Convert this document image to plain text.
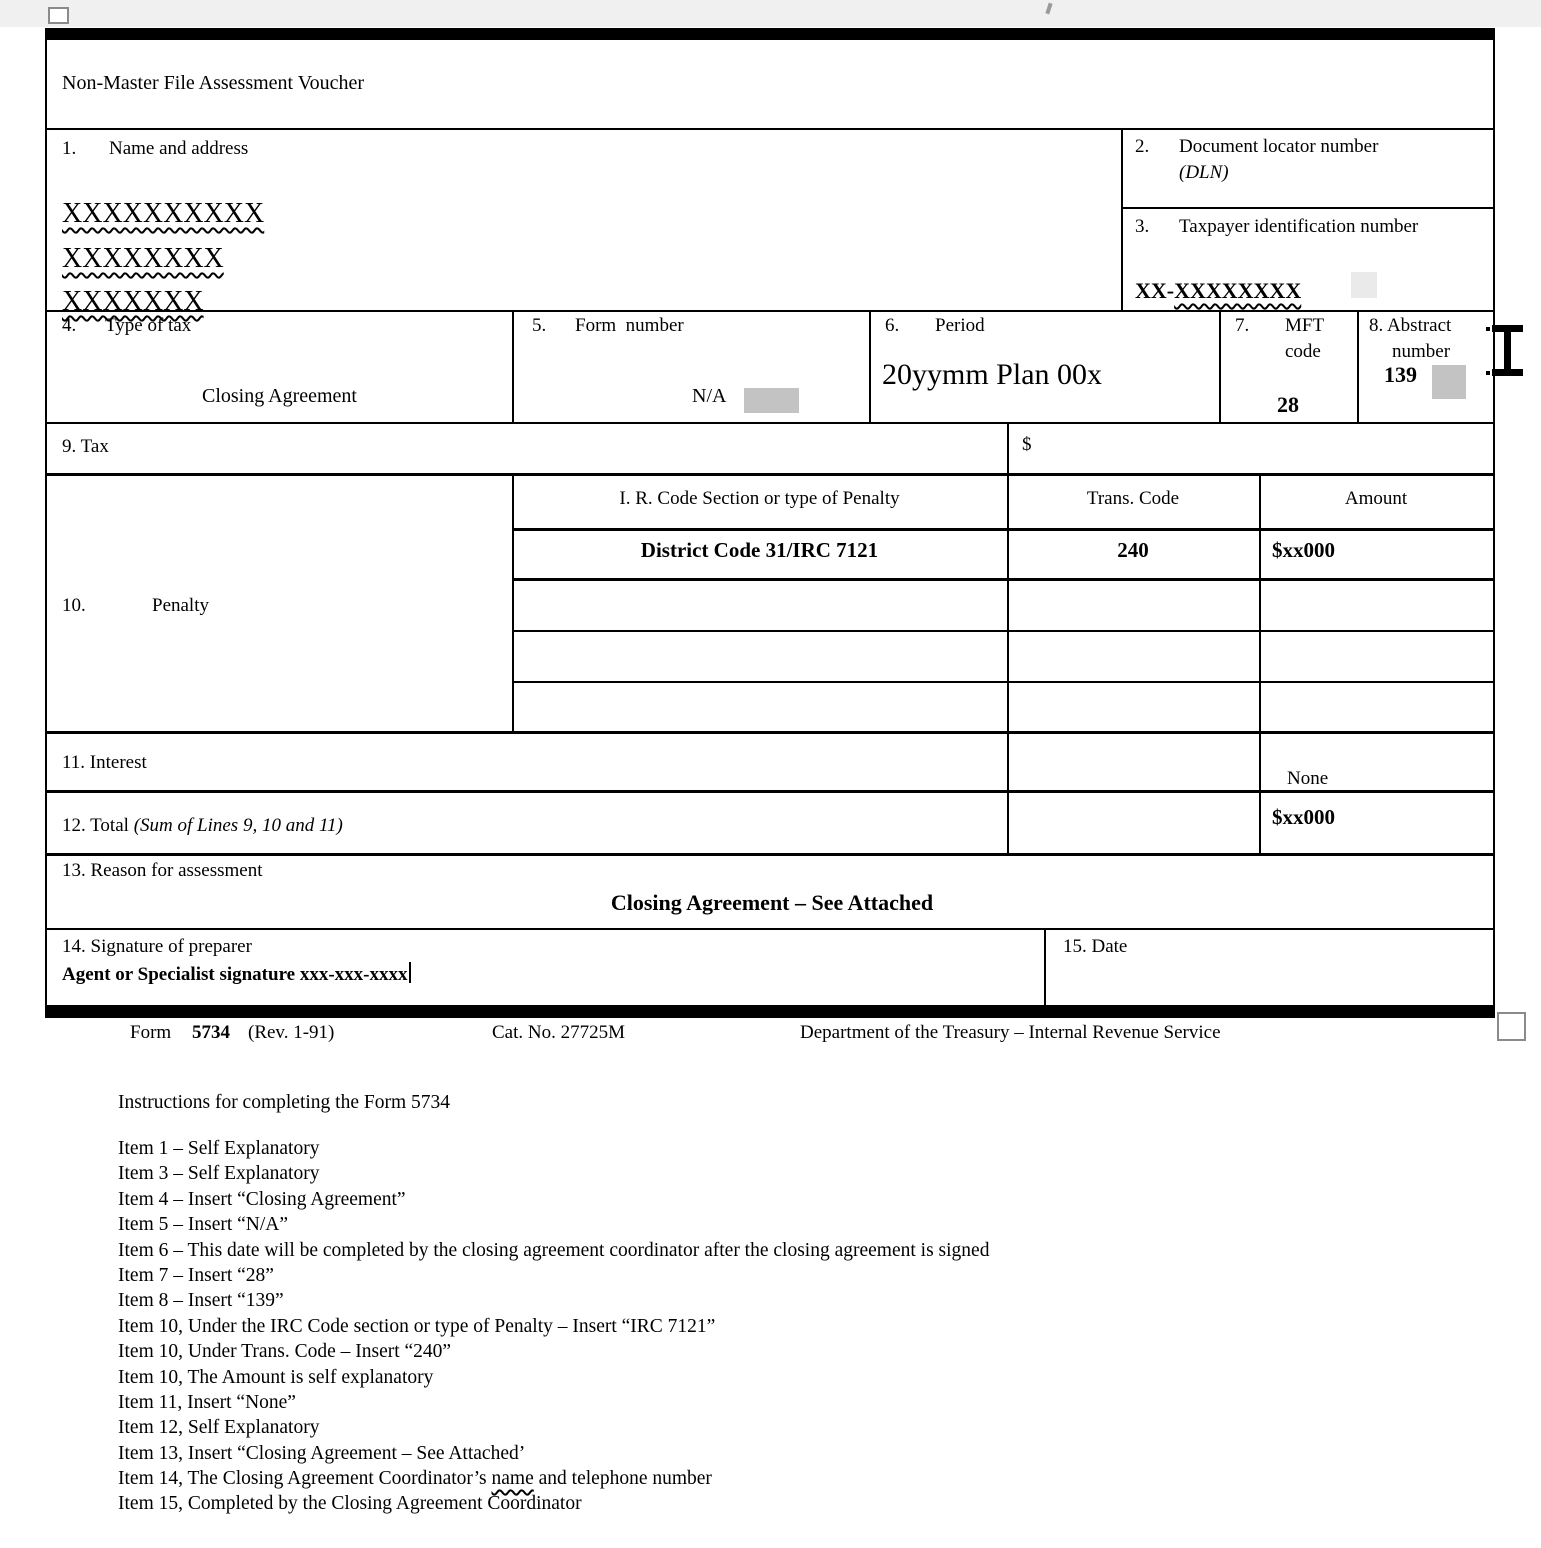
Non-Master File Assessment Voucher
1. Name and address
XXXXXXXXXX
XXXXXXXX
XXXXXXX
2. Document locator number
(DLN)
3. Taxpayer identification number
XX-XXXXXXXX
4. Type of tax
Closing Agreement
5. Form  number
N/A
6. Period
20yymm Plan 00x
7. MFT
code
28
8. Abstract
number
139
9. Tax	$
I. R. Code Section or type of Penalty	Trans. Code	Amount
District Code 31/IRC 7121	240	$xx000
10.	Penalty
11. Interest
None
12. Total (Sum of Lines 9, 10 and 11)	$xx000
13. Reason for assessment
Closing Agreement – See Attached
14. Signature of preparer
Agent or Specialist signature xxx-xxx-xxxx
15. Date
Form 5734 (Rev. 1-91)	Cat. No. 27725M	Department of the Treasury – Internal Revenue Service
Instructions for completing the Form 5734
Item 1 – Self Explanatory
Item 3 – Self Explanatory
Item 4 – Insert “Closing Agreement”
Item 5 – Insert “N/A”
Item 6 – This date will be completed by the closing agreement coordinator after the closing agreement is signed
Item 7 – Insert “28”
Item 8 – Insert “139”
Item 10, Under the IRC Code section or type of Penalty – Insert “IRC 7121”
Item 10, Under Trans. Code – Insert “240”
Item 10, The Amount is self explanatory
Item 11, Insert “None”
Item 12, Self Explanatory
Item 13, Insert “Closing Agreement – See Attached’
Item 14, The Closing Agreement Coordinator’s name and telephone number
Item 15, Completed by the Closing Agreement Coordinator
